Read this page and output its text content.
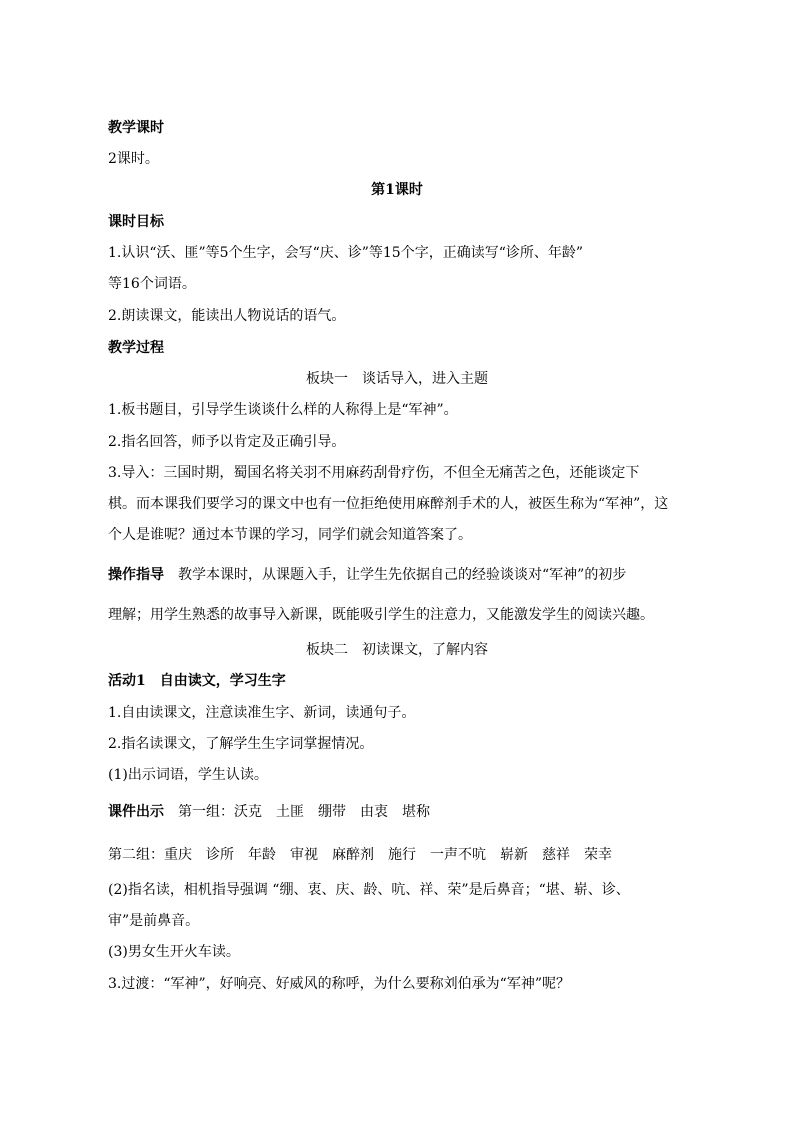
教学课时
2课时。
第1课时
课时目标
1.认识“沃、匪”等5个生字，会写“庆、诊”等15个字，正确读写“诊所、年龄”
等16个词语。
2.朗读课文，能读出人物说话的语气。
教学过程
板块一　谈话导入，进入主题
1.板书题目，引导学生谈谈什么样的人称得上是“军神”。
2.指名回答，师予以肯定及正确引导。
3.导入：三国时期，蜀国名将关羽不用麻药刮骨疗伤，不但全无痛苦之色，还能谈定下
棋。而本课我们要学习的课文中也有一位拒绝使用麻醉剂手术的人，被医生称为“军神”，这
个人是谁呢？通过本节课的学习，同学们就会知道答案了。
操作指导 教学本课时，从课题入手，让学生先依据自己的经验谈谈对“军神”的初步
理解；用学生熟悉的故事导入新课，既能吸引学生的注意力，又能激发学生的阅读兴趣。
板块二　初读课文，了解内容
活动1　自由读文，学习生字
1.自由读课文，注意读准生字、新词，读通句子。
2.指名读课文，了解学生生字词掌握情况。
(1)出示词语，学生认读。
课件出示 第一组：沃克 土匪 绷带 由衷 堪称
第二组：重庆 诊所 年龄 审视 麻醉剂 施行 一声不吭 崭新 慈祥 荣幸
(2)指名读，相机指导强调 “绷、衷、庆、龄、吭、祥、荣”是后鼻音；“堪、崭、诊、
审”是前鼻音。
(3)男女生开火车读。
3.过渡：“军神”，好响亮、好威风的称呼，为什么要称刘伯承为“军神”呢？
